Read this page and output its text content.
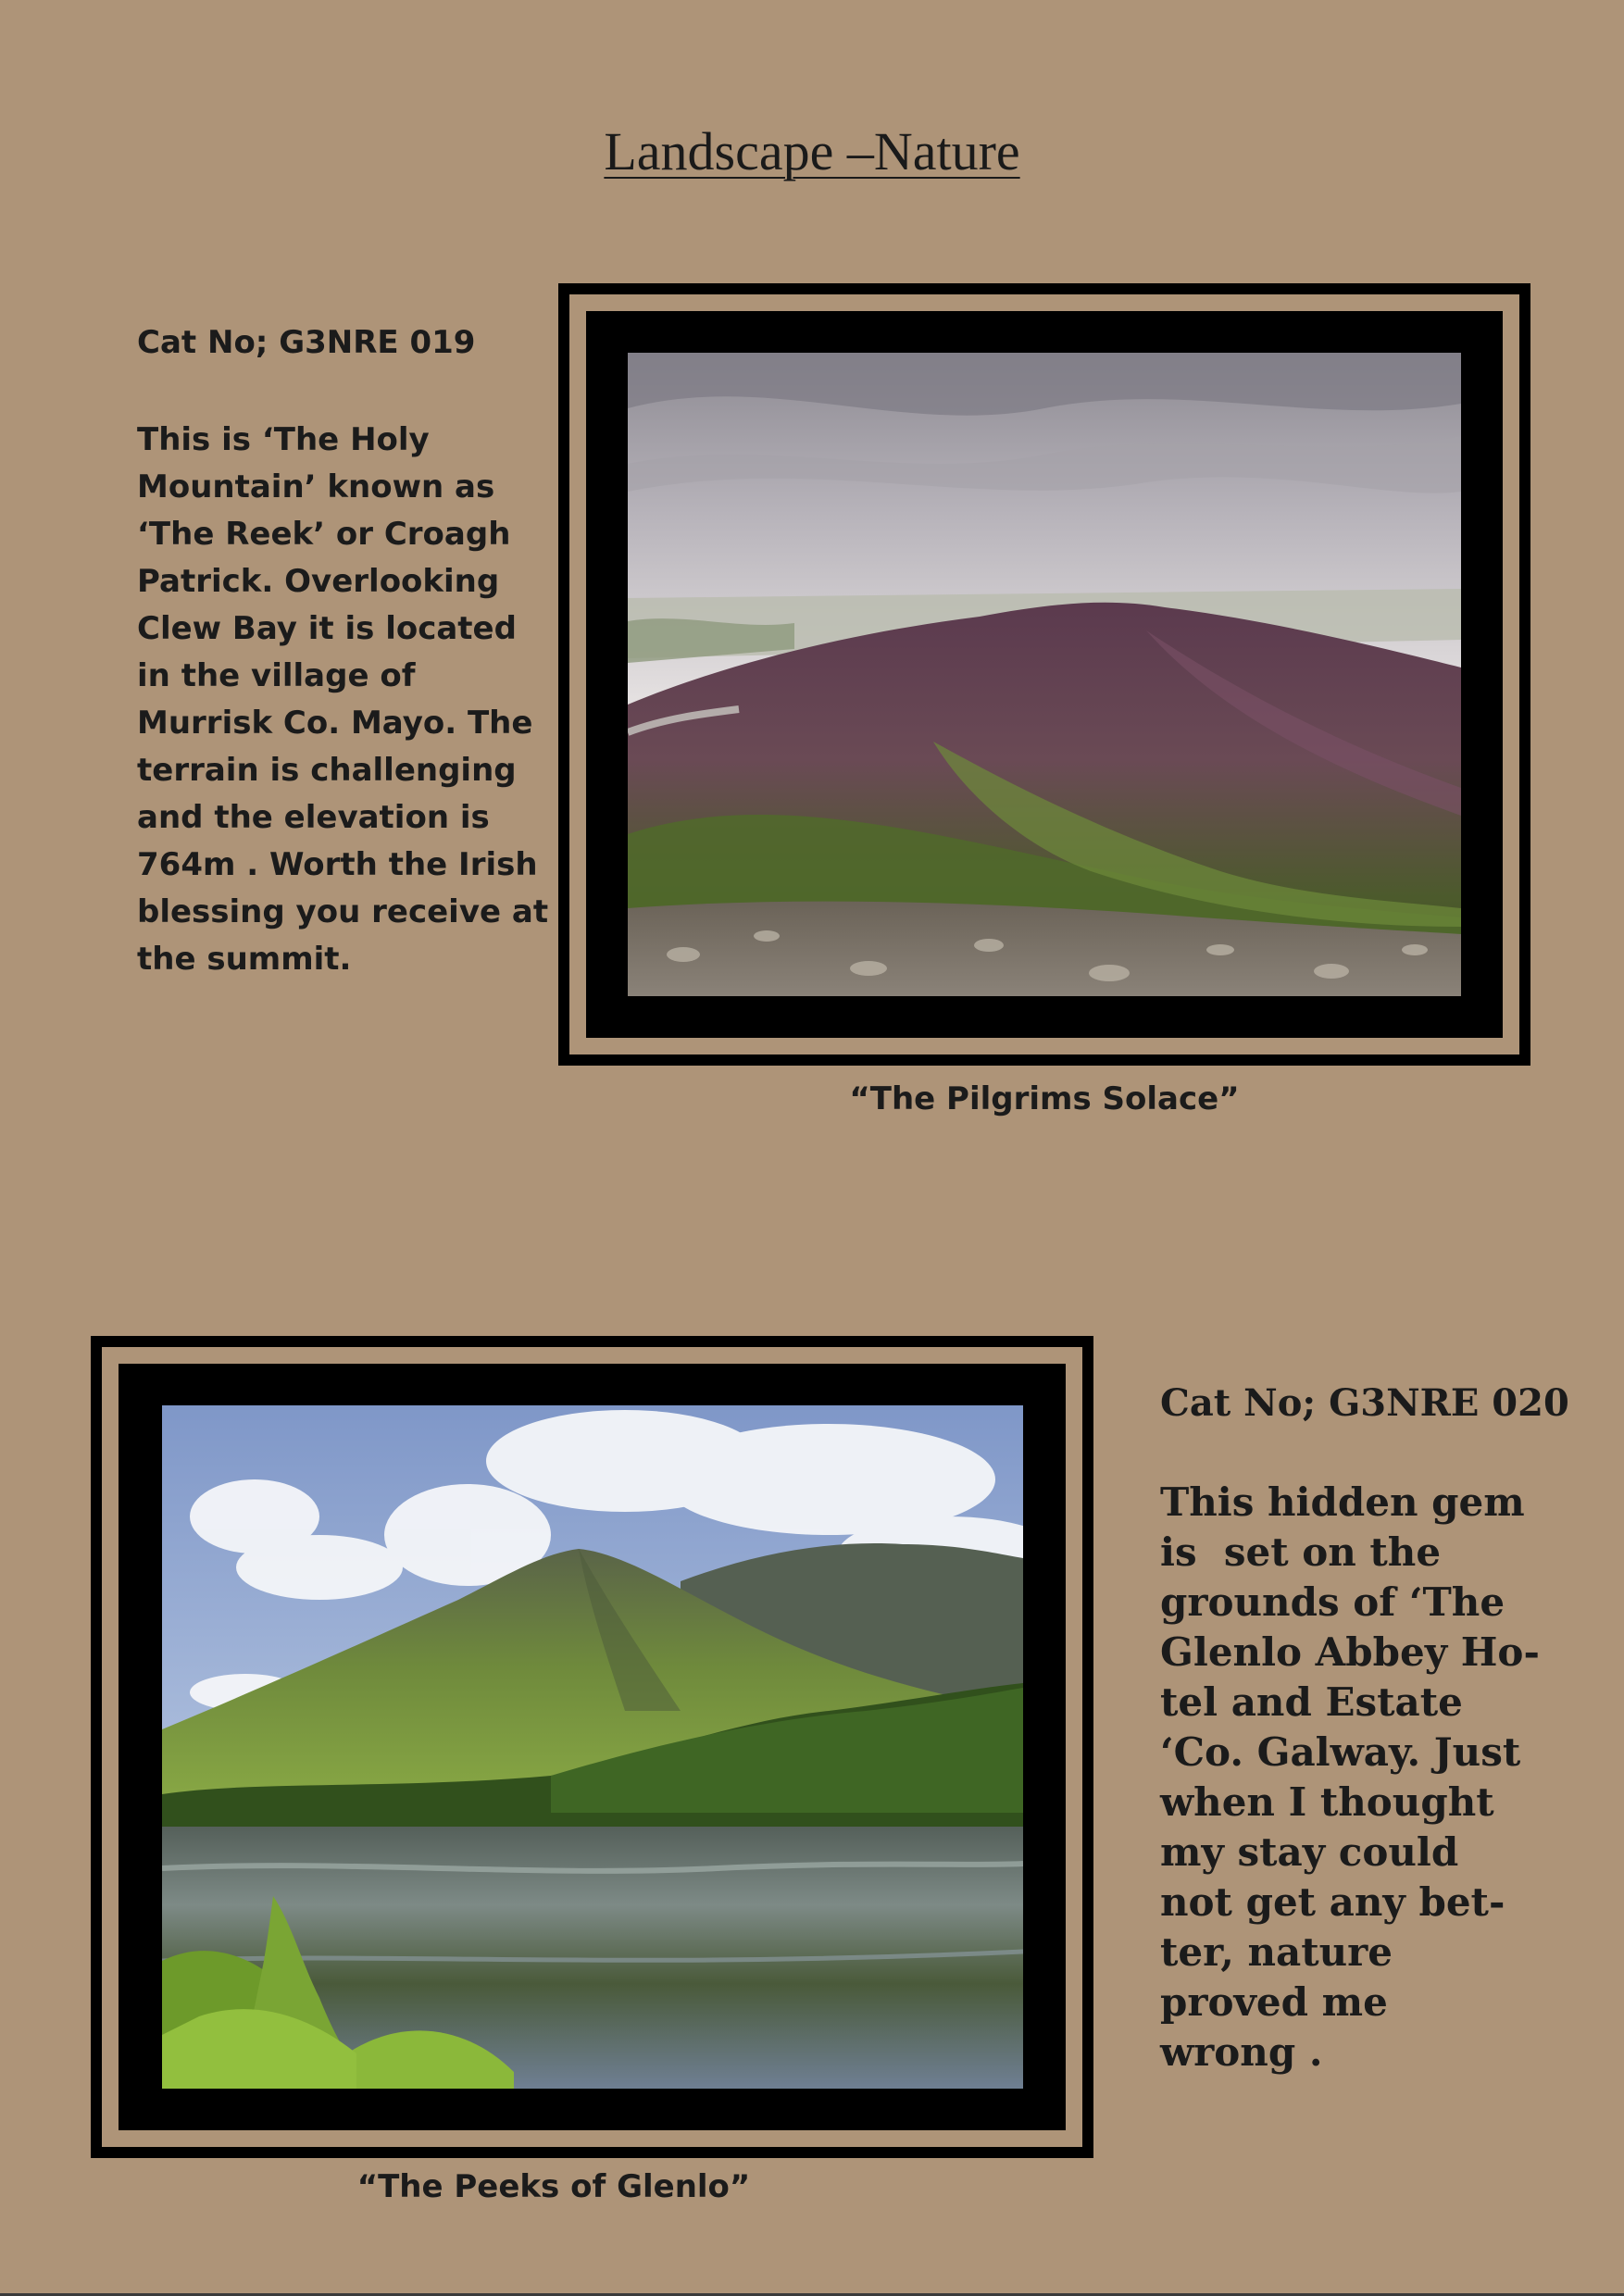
Landscape –Nature
Cat No; G3NRE 019
This is ‘The Holy
Mountain’ known as
‘The Reek’ or Croagh
Patrick. Overlooking
Clew Bay it is located
in the village of
Murrisk Co. Mayo. The
terrain is challenging
and the elevation is
764m . Worth the Irish
blessing you receive at
the summit.
“The Pilgrims Solace”
“The Peeks of Glenlo”
Cat No; G3NRE 020
This hidden gem
is  set on the
grounds of ‘The
Glenlo Abbey Ho-
tel and Estate
‘Co. Galway. Just
when I thought
my stay could
not get any bet-
ter, nature
proved me
wrong .
